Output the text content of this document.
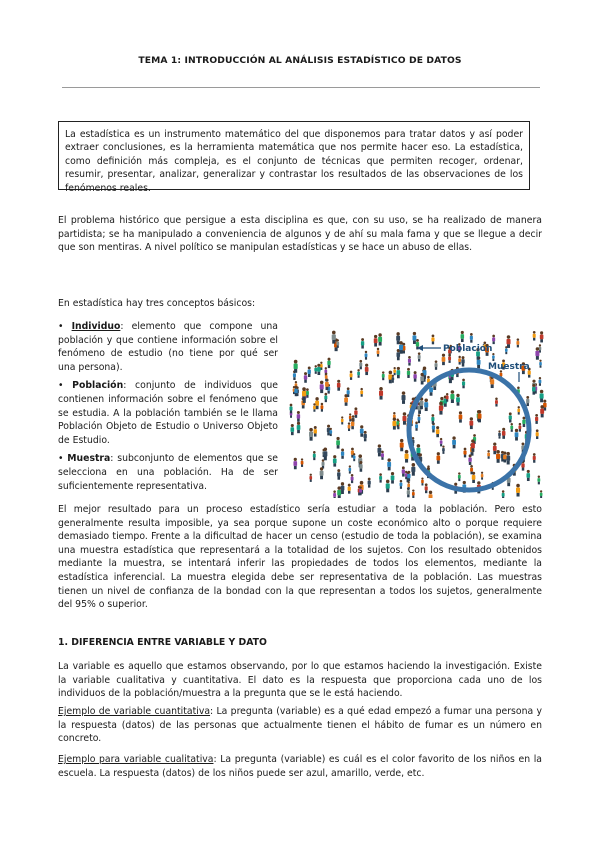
TEMA 1: INTRODUCCIÓN AL ANÁLISIS ESTADÍSTICO DE DATOS

La estadística es un instrumento matemático del que disponemos para tratar datos y así poder extraer conclusiones, es la herramienta matemática que nos permite hacer eso. La estadística, como definición más compleja, es el conjunto de técnicas que permiten recoger, ordenar, resumir, presentar, analizar, generalizar y contrastar los resultados de las observaciones de los fenómenos reales.

El problema histórico que persigue a esta disciplina es que, con su uso, se ha realizado de manera partidista; se ha manipulado a conveniencia de algunos y de ahí su mala fama y que se llegue a decir que son mentiras. A nivel político se manipulan estadísticas y se hace un abuso de ellas.

En estadística hay tres conceptos básicos:

• Individuo: elemento que compone una población y que contiene información sobre el fenómeno de estudio (no tiene por qué ser una persona).

• Población: conjunto de individuos que contienen información sobre el fenómeno que se estudia. A la población también se le llama Población Objeto de Estudio o Universo Objeto de Estudio.

• Muestra: subconjunto de elementos que se selecciona en una población. Ha de ser suficientemente representativa.

Población
Muestra

El mejor resultado para un proceso estadístico sería estudiar a toda la población. Pero esto generalmente resulta imposible, ya sea porque supone un coste económico alto o porque requiere demasiado tiempo. Frente a la dificultad de hacer un censo (estudio de toda la población), se examina una muestra estadística que representará a la totalidad de los sujetos. Con los resultado obtenidos mediante la muestra, se intentará inferir las propiedades de todos los elementos, mediante la estadística inferencial. La muestra elegida debe ser representativa de la población. Las muestras tienen un nivel de confianza de la bondad con la que representan a todos los sujetos, generalmente del 95% o superior.

1. DIFERENCIA ENTRE VARIABLE Y DATO

La variable es aquello que estamos observando, por lo que estamos haciendo la investigación. Existe la variable cualitativa y cuantitativa. El dato es la respuesta que proporciona cada uno de los individuos de la población/muestra a la pregunta que se le está haciendo.

Ejemplo de variable cuantitativa: La pregunta (variable) es a qué edad empezó a fumar una persona y la respuesta (datos) de las personas que actualmente tienen el hábito de fumar es un número en concreto.

Ejemplo para variable cualitativa: La pregunta (variable) es cuál es el color favorito de los niños en la escuela. La respuesta (datos) de los niños puede ser azul, amarillo, verde, etc.
